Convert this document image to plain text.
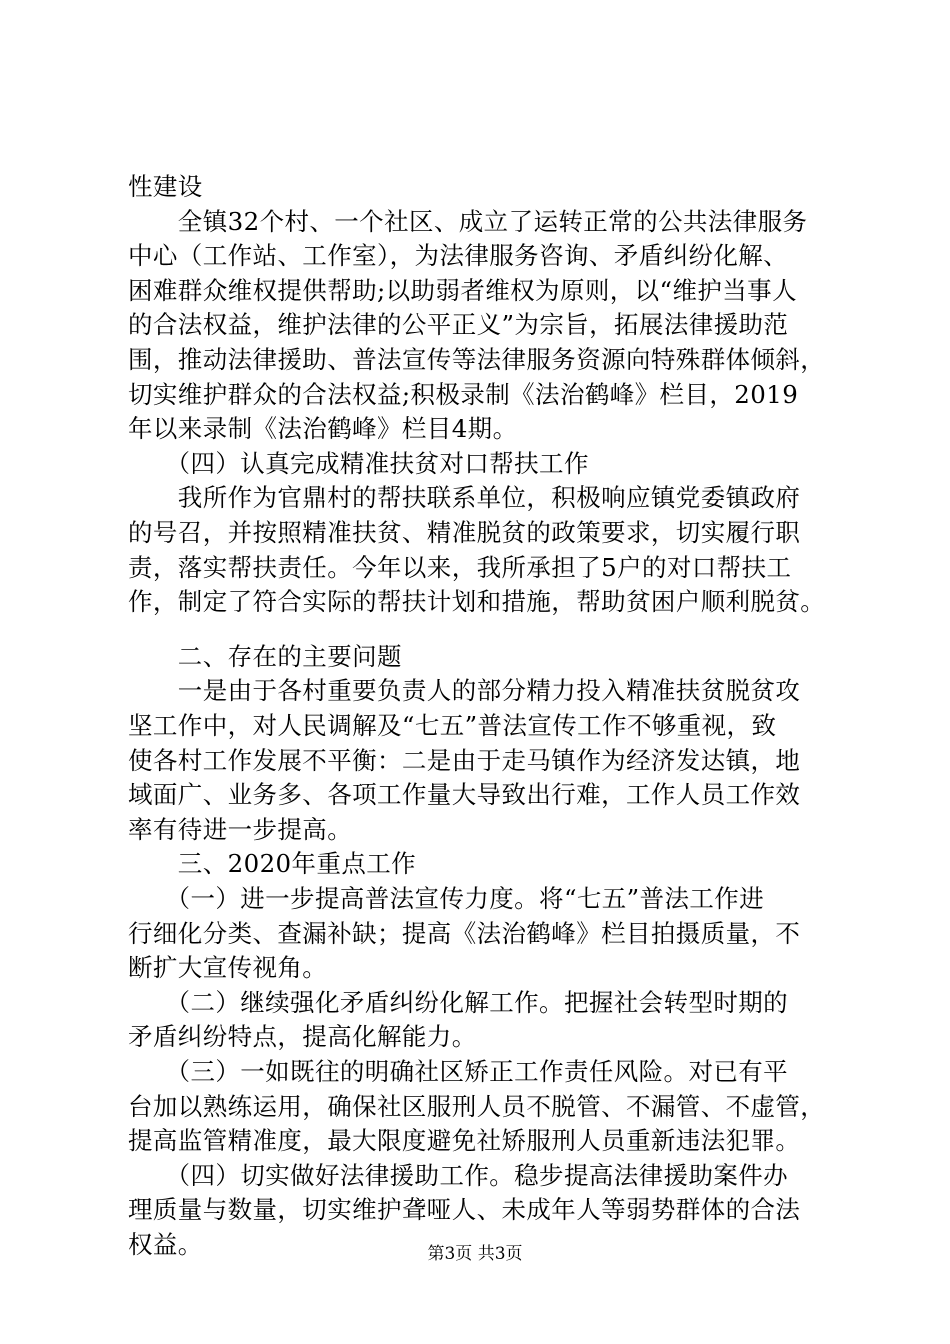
性建设
　　全镇32个村、一个社区、成立了运转正常的公共法律服务
中心（工作站、工作室），为法律服务咨询、矛盾纠纷化解、
困难群众维权提供帮助;以助弱者维权为原则，以“维护当事人
的合法权益，维护法律的公平正义”为宗旨，拓展法律援助范
围，推动法律援助、普法宣传等法律服务资源向特殊群体倾斜，
切实维护群众的合法权益;积极录制《法治鹤峰》栏目，2019
年以来录制《法治鹤峰》栏目4期。
　　（四）认真完成精准扶贫对口帮扶工作
　　我所作为官鼎村的帮扶联系单位，积极响应镇党委镇政府
的号召，并按照精准扶贫、精准脱贫的政策要求，切实履行职
责，落实帮扶责任。今年以来，我所承担了5户的对口帮扶工
作，制定了符合实际的帮扶计划和措施，帮助贫困户顺利脱贫。
　　二、存在的主要问题
　　一是由于各村重要负责人的部分精力投入精准扶贫脱贫攻
坚工作中，对人民调解及“七五”普法宣传工作不够重视，致
使各村工作发展不平衡：二是由于走马镇作为经济发达镇，地
域面广、业务多、各项工作量大导致出行难，工作人员工作效
率有待进一步提高。
　　三、2020年重点工作
　　（一）进一步提高普法宣传力度。将“七五”普法工作进
行细化分类、查漏补缺；提高《法治鹤峰》栏目拍摄质量，不
断扩大宣传视角。
　　（二）继续强化矛盾纠纷化解工作。把握社会转型时期的
矛盾纠纷特点，提高化解能力。
　　（三）一如既往的明确社区矫正工作责任风险。对已有平
台加以熟练运用，确保社区服刑人员不脱管、不漏管、不虚管，
提高监管精准度，最大限度避免社矫服刑人员重新违法犯罪。
　　（四）切实做好法律援助工作。稳步提高法律援助案件办
理质量与数量，切实维护聋哑人、未成年人等弱势群体的合法
权益。	第3页 共3页
